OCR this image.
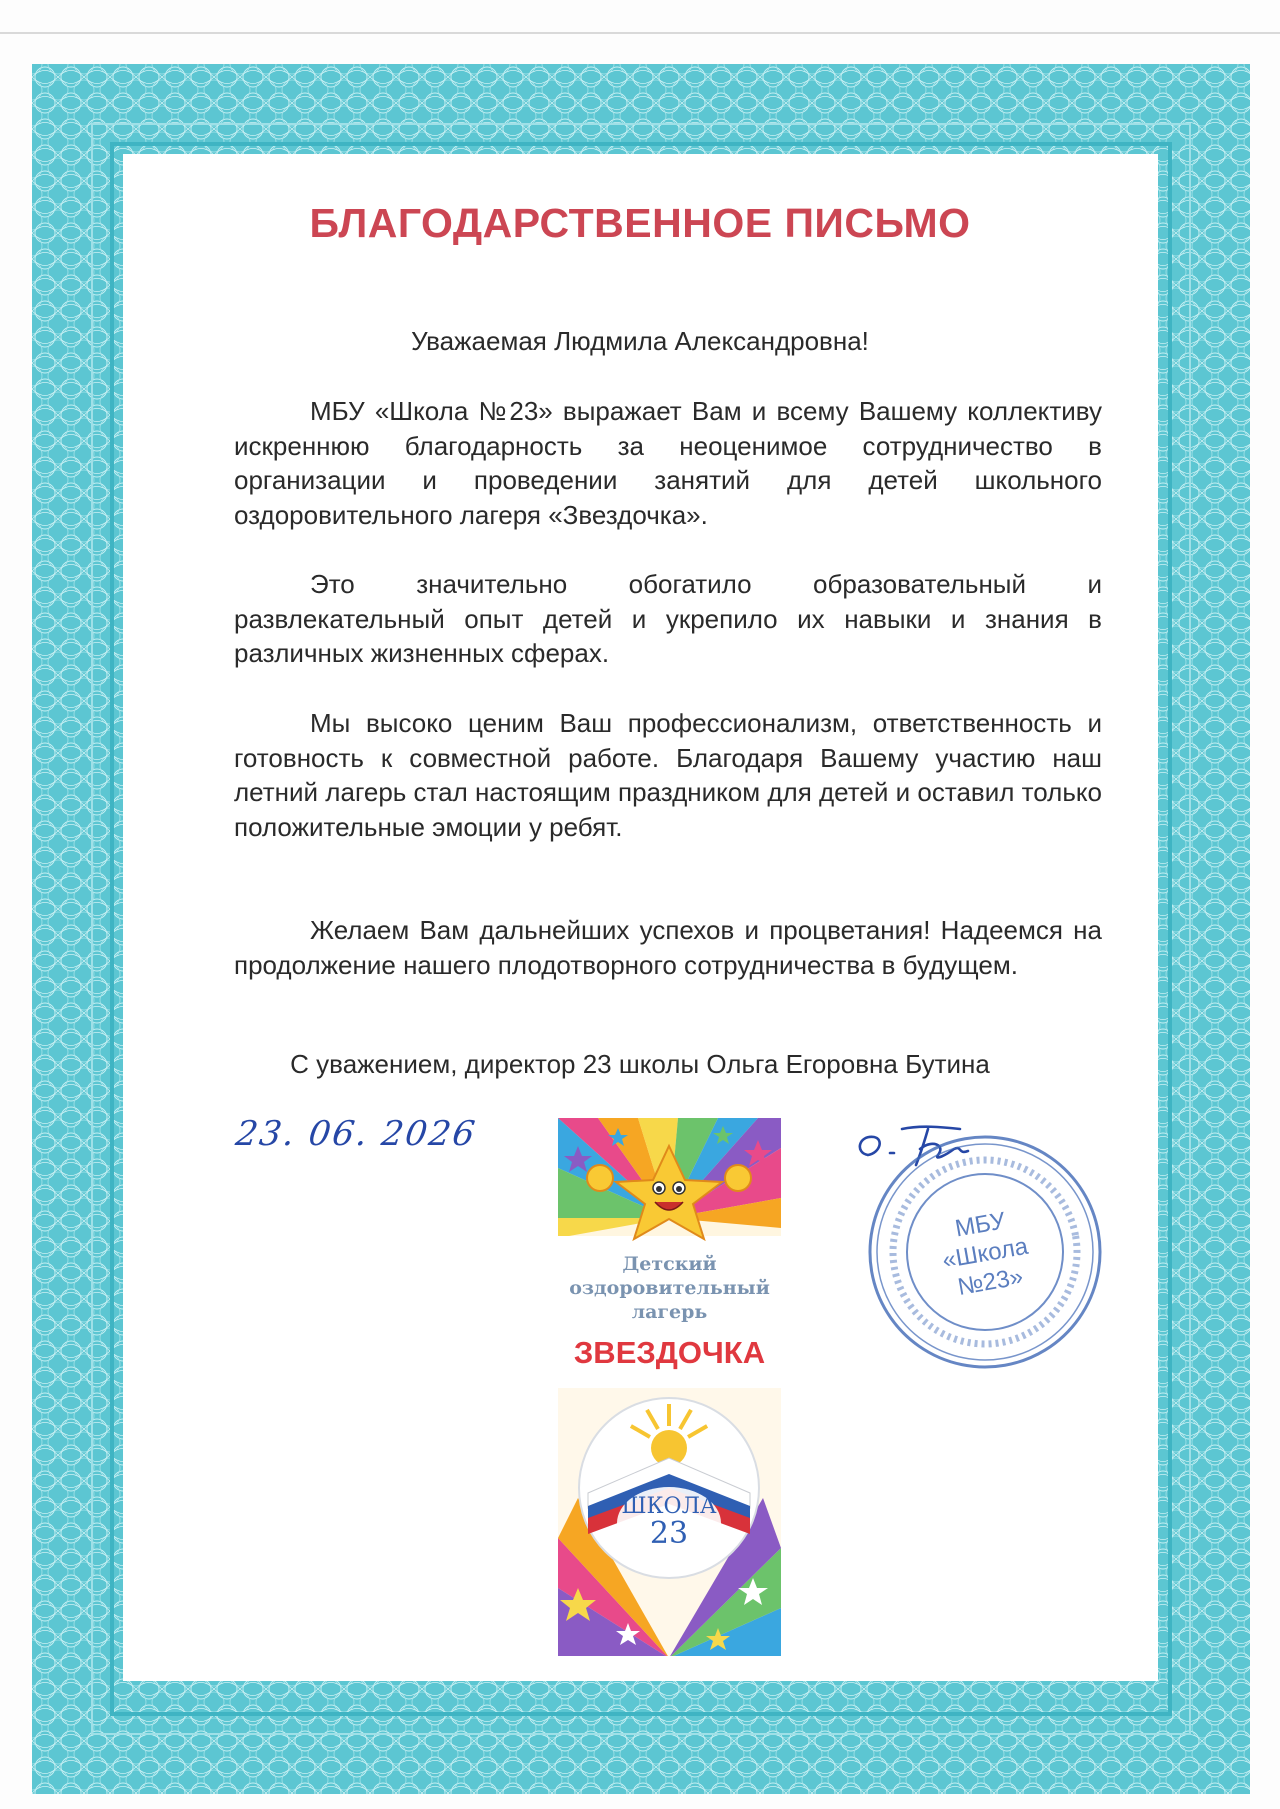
БЛАГОДАРСТВЕННОЕ ПИСЬМО
Уважаемая Людмила Александровна!

МБУ «Школа №23» выражает Вам и всему Вашему коллективу искреннюю благодарность за неоценимое сотрудничество в организации и проведении занятий для детей школьного оздоровительного лагеря «Звездочка».

Это значительно обогатило образовательный и развлекательный опыт детей и укрепило их навыки и знания в различных жизненных сферах.

Мы высоко ценим Ваш профессионализм, ответственность и готовность к совместной работе. Благодаря Вашему участию наш летний лагерь стал настоящим праздником для детей и оставил только положительные эмоции у ребят.

Желаем Вам дальнейших успехов и процветания! Надеемся на продолжение нашего плодотворного сотрудничества в будущем.

С уважением, директор 23 школы Ольга Егоровна Бутина
23. 06. 2026
МБУ
«Школа
№23»
Детский
оздоровительный
лагерь
ЗВЕЗДОЧКА
ШКОЛА
23
